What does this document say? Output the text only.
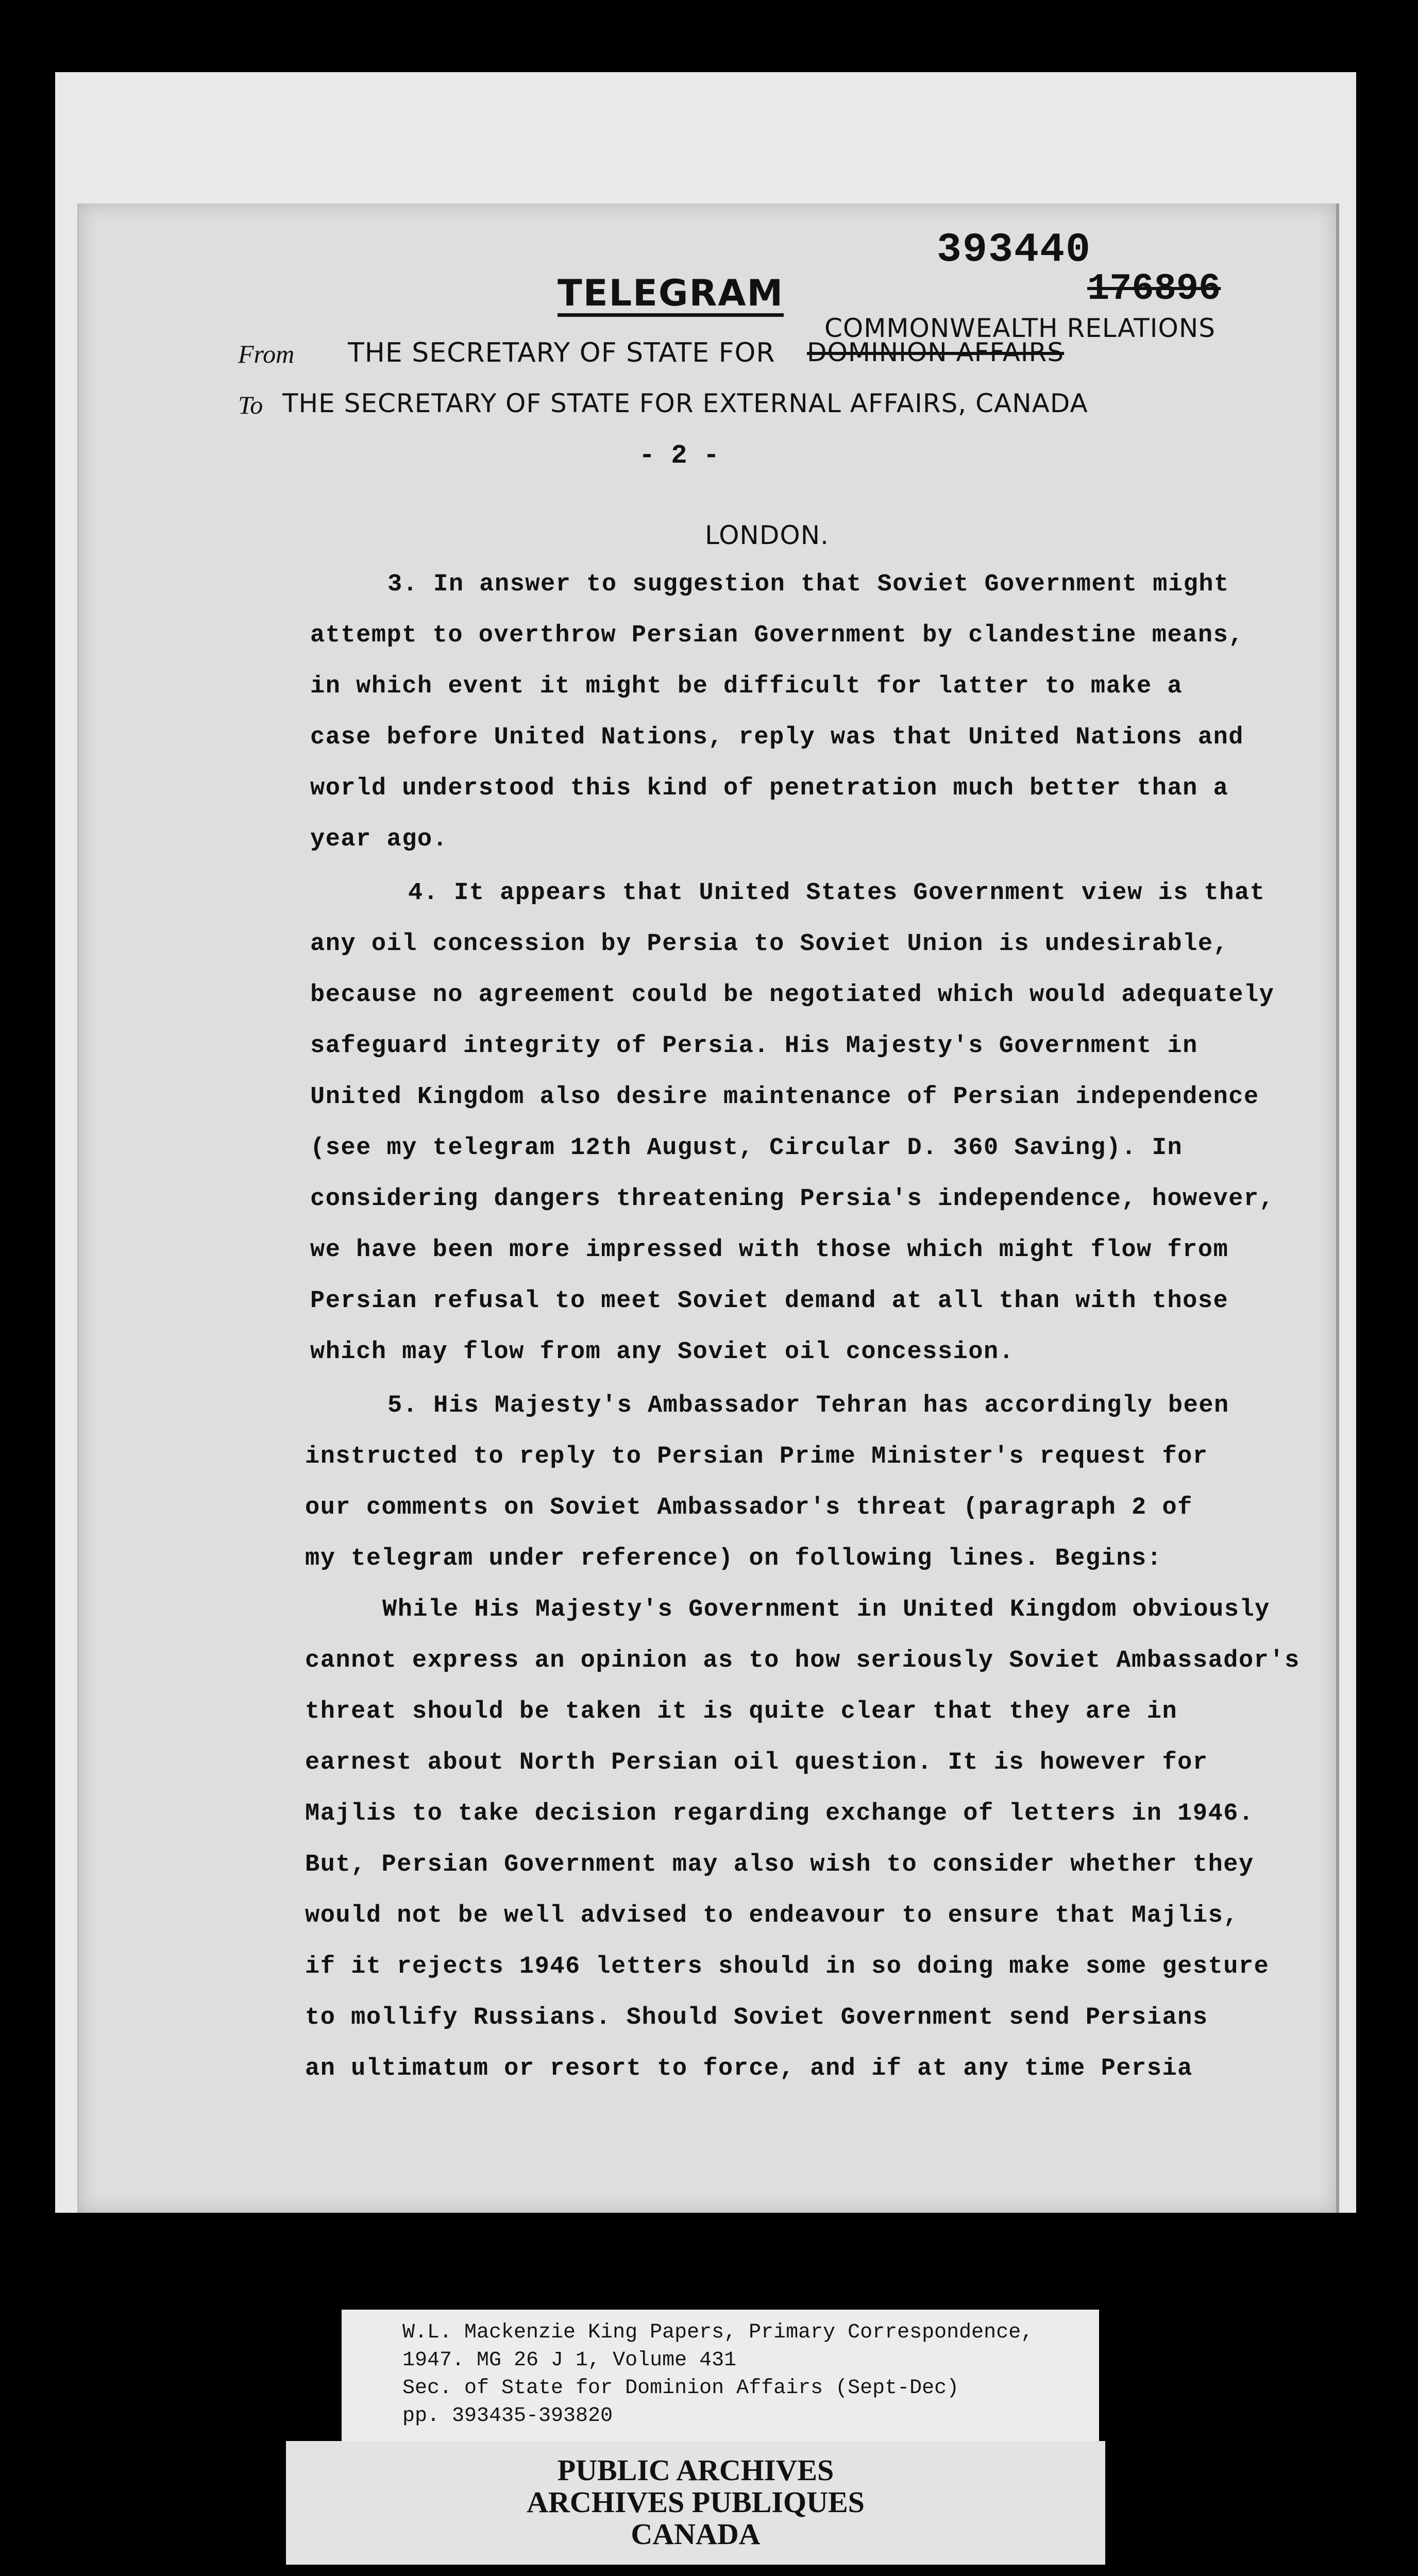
TELEGRAM

393440

176896

From THE SECRETARY OF STATE FOR DOMINION AFFAIRS

COMMONWEALTH RELATIONS

To THE SECRETARY OF STATE FOR EXTERNAL AFFAIRS, CANADA

- 2 -

LONDON.

3. In answer to suggestion that Soviet Government might

attempt to overthrow Persian Government by clandestine means,

in which event it might be difficult for latter to make a

case before United Nations, reply was that United Nations and

world understood this kind of penetration much better than a

year ago.

4. It appears that United States Government view is that

any oil concession by Persia to Soviet Union is undesirable,

because no agreement could be negotiated which would adequately

safeguard integrity of Persia. His Majesty's Government in

United Kingdom also desire maintenance of Persian independence

(see my telegram 12th August, Circular D. 360 Saving). In

considering dangers threatening Persia's independence, however,

we have been more impressed with those which might flow from

Persian refusal to meet Soviet demand at all than with those

which may flow from any Soviet oil concession.

5. His Majesty's Ambassador Tehran has accordingly been

instructed to reply to Persian Prime Minister's request for

our comments on Soviet Ambassador's threat (paragraph 2 of

my telegram under reference) on following lines. Begins:

While His Majesty's Government in United Kingdom obviously

cannot express an opinion as to how seriously Soviet Ambassador's

threat should be taken it is quite clear that they are in

earnest about North Persian oil question. It is however for

Majlis to take decision regarding exchange of letters in 1946.

But, Persian Government may also wish to consider whether they

would not be well advised to endeavour to ensure that Majlis,

if it rejects 1946 letters should in so doing make some gesture

to mollify Russians. Should Soviet Government send Persians

an ultimatum or resort to force, and if at any time Persia

W.L. Mackenzie King Papers, Primary Correspondence,

1947. MG 26 J 1, Volume 431

Sec. of State for Dominion Affairs (Sept-Dec)

pp. 393435-393820

PUBLIC ARCHIVES

ARCHIVES PUBLIQUES

CANADA
